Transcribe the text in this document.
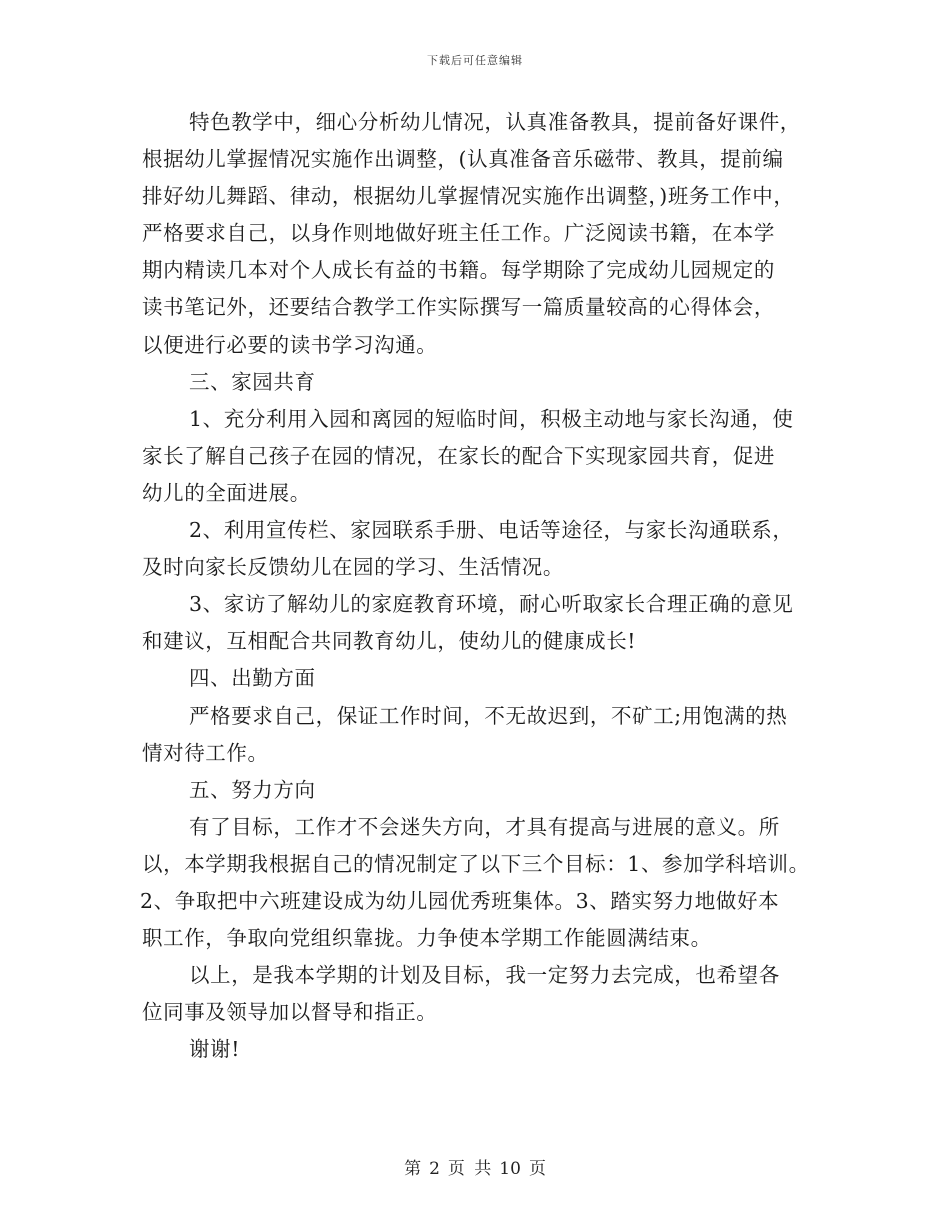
下载后可任意编辑
特色教学中，细心分析幼儿情况，认真准备教具，提前备好课件，
根据幼儿掌握情况实施作出调整，(认真准备音乐磁带、教具，提前编
排好幼儿舞蹈、律动，根据幼儿掌握情况实施作出调整，)班务工作中，
严格要求自己，以身作则地做好班主任工作。广泛阅读书籍，在本学
期内精读几本对个人成长有益的书籍。每学期除了完成幼儿园规定的
读书笔记外，还要结合教学工作实际撰写一篇质量较高的心得体会，
以便进行必要的读书学习沟通。
三、家园共育
1、充分利用入园和离园的短临时间，积极主动地与家长沟通，使
家长了解自己孩子在园的情况，在家长的配合下实现家园共育，促进
幼儿的全面进展。
2、利用宣传栏、家园联系手册、电话等途径，与家长沟通联系，
及时向家长反馈幼儿在园的学习、生活情况。
3、家访了解幼儿的家庭教育环境，耐心听取家长合理正确的意见
和建议，互相配合共同教育幼儿，使幼儿的健康成长!
四、出勤方面
严格要求自己，保证工作时间，不无故迟到，不矿工;用饱满的热
情对待工作。
五、努力方向
有了目标，工作才不会迷失方向，才具有提高与进展的意义。所
以，本学期我根据自己的情况制定了以下三个目标：1、参加学科培训。
2、争取把中六班建设成为幼儿园优秀班集体。3、踏实努力地做好本
职工作，争取向党组织靠拢。力争使本学期工作能圆满结束。
以上，是我本学期的计划及目标，我一定努力去完成，也希望各
位同事及领导加以督导和指正。
谢谢!
第 2 页 共 10 页
